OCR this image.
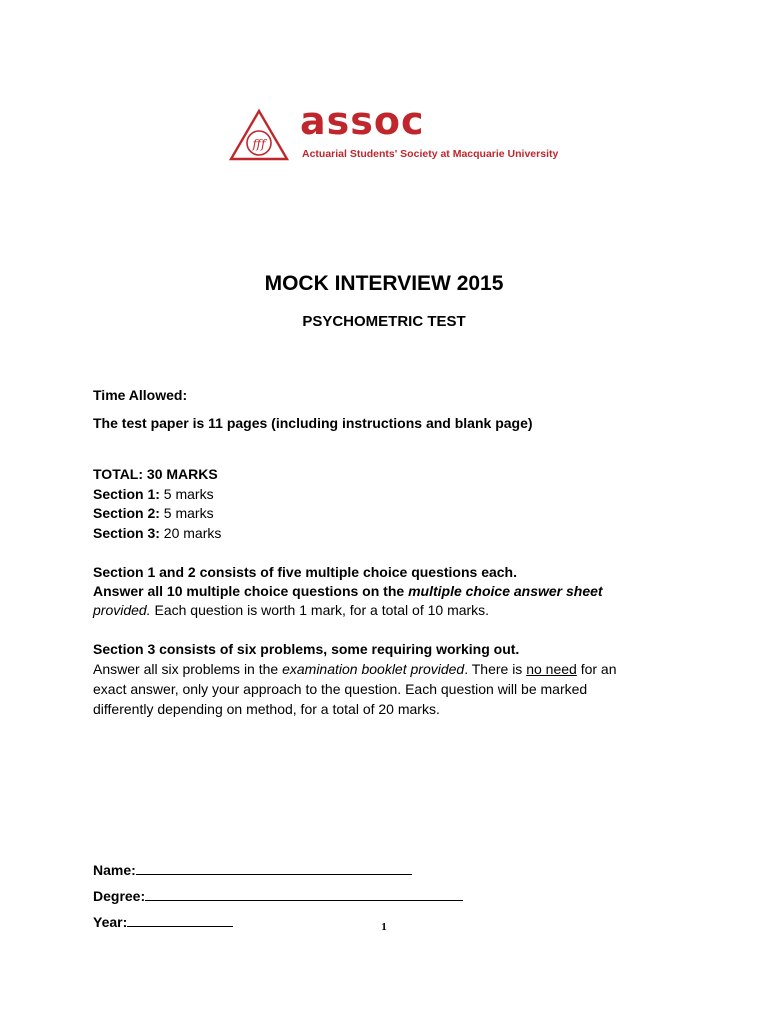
fff
assoc
Actuarial Students' Society at Macquarie University
MOCK INTERVIEW 2015
PSYCHOMETRIC TEST
Time Allowed:
The test paper is 11 pages (including instructions and blank page)
TOTAL: 30 MARKS
Section 1: 5 marks
Section 2: 5 marks
Section 3: 20 marks
Section 1 and 2 consists of five multiple choice questions each.
Answer all 10 multiple choice questions on the multiple choice answer sheet
provided. Each question is worth 1 mark, for a total of 10 marks.
Section 3 consists of six problems, some requiring working out.
Answer all six problems in the examination booklet provided. There is no need for an
exact answer, only your approach to the question. Each question will be marked
differently depending on method, for a total of 20 marks.
Name:
Degree:
Year:	1
